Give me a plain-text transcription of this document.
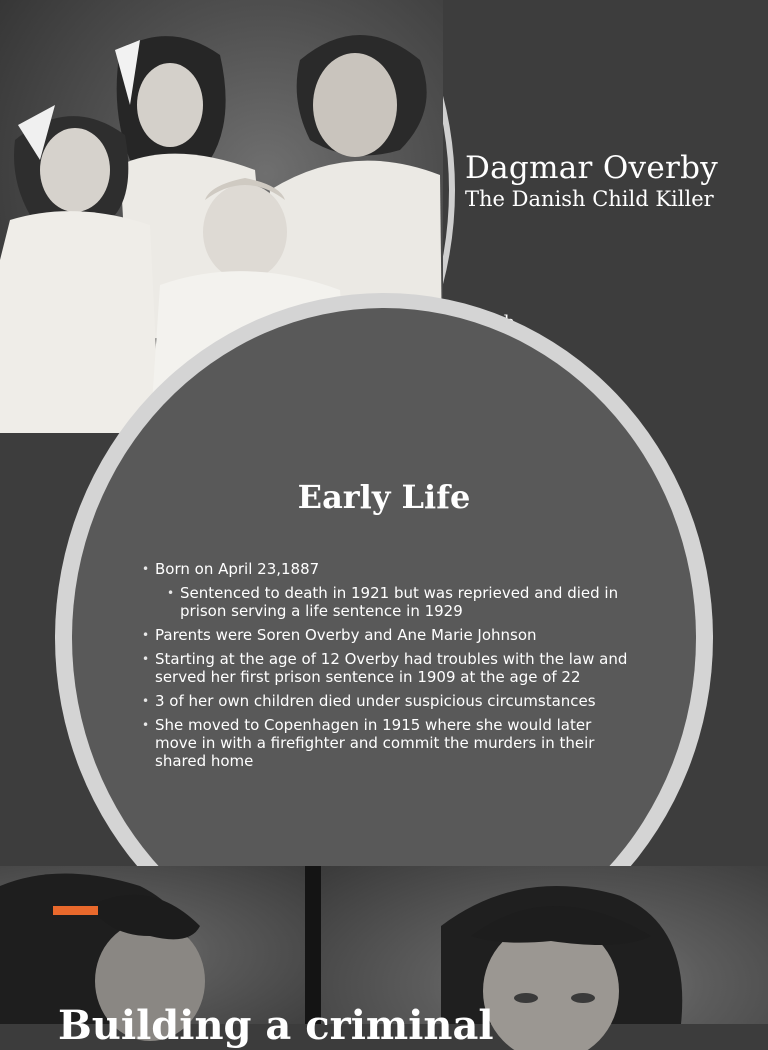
Dagmar Overby
The Danish Child Killer
Early Life
• Born on April 23,1887
• Sentenced to death in 1921 but was reprieved and died in prison serving a life sentence in 1929
• Parents were Soren Overby and Ane Marie Johnson
• Starting at the age of 12 Overby had troubles with the law and served her first prison sentence in 1909 at the age of 22
• 3 of her own children died under suspicious circumstances
• She moved to Copenhagen in 1915 where she would later move in with a firefighter and commit the murders in their shared home
Building a criminal
